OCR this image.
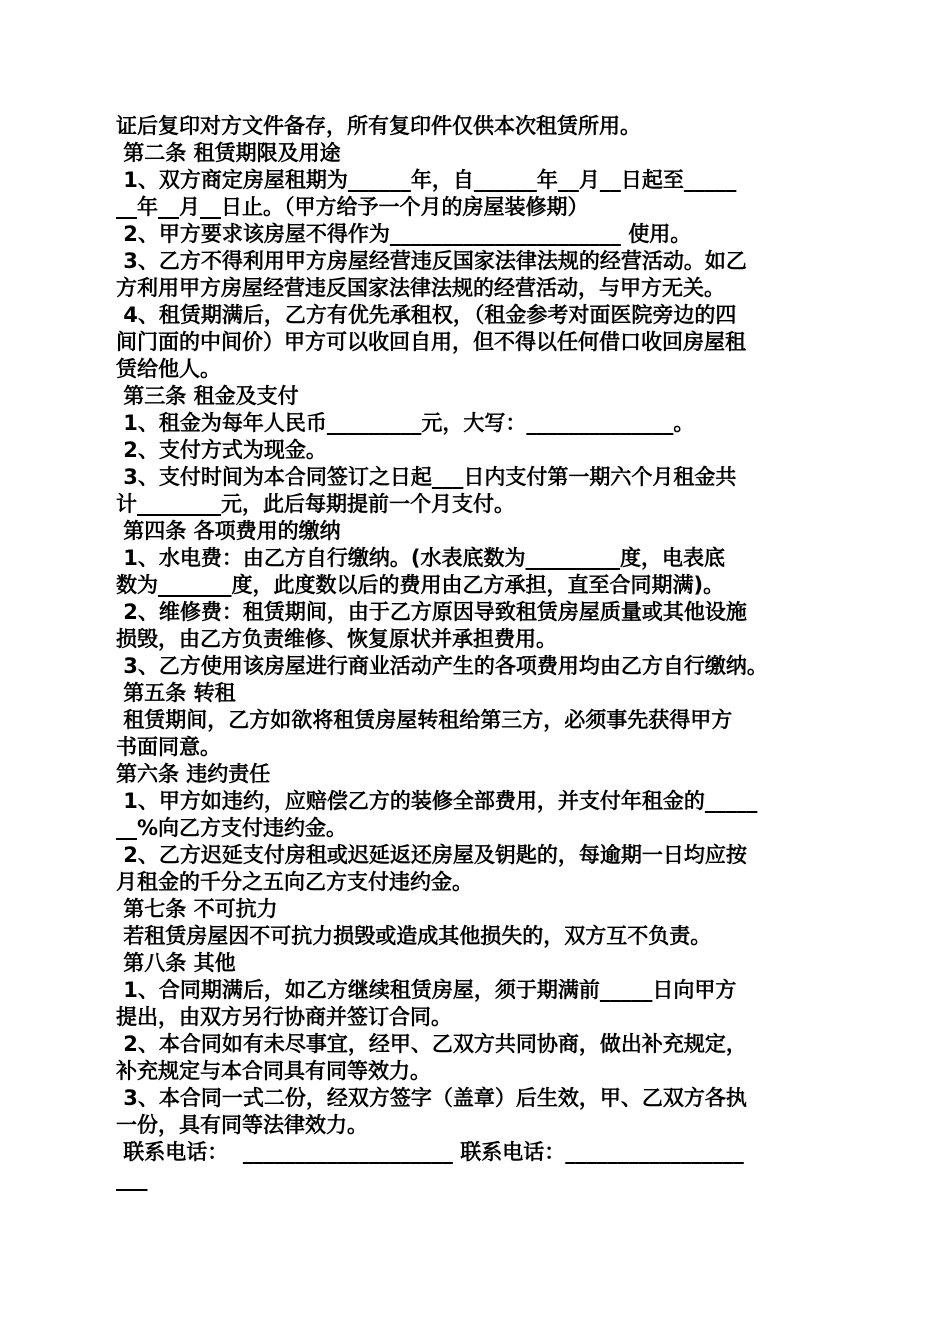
证后复印对方文件备存，所有复印件仅供本次租赁所用。
第二条 租赁期限及用途
1、双方商定房屋租期为______年，自______年__月__日起至_____
__年__月__日止。（甲方给予一个月的房屋装修期）
2、甲方要求该房屋不得作为______________________ 使用。
3、乙方不得利用甲方房屋经营违反国家法律法规的经营活动。如乙
方利用甲方房屋经营违反国家法律法规的经营活动，与甲方无关。
4、租赁期满后，乙方有优先承租权，（租金参考对面医院旁边的四
间门面的中间价）甲方可以收回自用，但不得以任何借口收回房屋租
赁给他人。
第三条 租金及支付
1、租金为每年人民币_________元，大写：______________。
2、支付方式为现金。
3、支付时间为本合同签订之日起___日内支付第一期六个月租金共
计________元，此后每期提前一个月支付。
第四条 各项费用的缴纳
1、水电费：由乙方自行缴纳。(水表底数为_________度，电表底
数为_______度，此度数以后的费用由乙方承担，直至合同期满)。
2、维修费：租赁期间，由于乙方原因导致租赁房屋质量或其他设施
损毁，由乙方负责维修、恢复原状并承担费用。
3、乙方使用该房屋进行商业活动产生的各项费用均由乙方自行缴纳。
第五条 转租
租赁期间，乙方如欲将租赁房屋转租给第三方，必须事先获得甲方
书面同意。
第六条 违约责任
1、甲方如违约，应赔偿乙方的装修全部费用，并支付年租金的_____
__%向乙方支付违约金。
2、乙方迟延支付房租或迟延返还房屋及钥匙的，每逾期一日均应按
月租金的千分之五向乙方支付违约金。
第七条 不可抗力
若租赁房屋因不可抗力损毁或造成其他损失的，双方互不负责。
第八条 其他
1、合同期满后，如乙方继续租赁房屋，须于期满前_____日向甲方
提出，由双方另行协商并签订合同。
2、本合同如有未尽事宜，经甲、乙双方共同协商，做出补充规定，
补充规定与本合同具有同等效力。
3、本合同一式二份，经双方签字（盖章）后生效，甲、乙双方各执
一份，具有同等法律效力。
联系电话：  ____________________ 联系电话：_________________
___
